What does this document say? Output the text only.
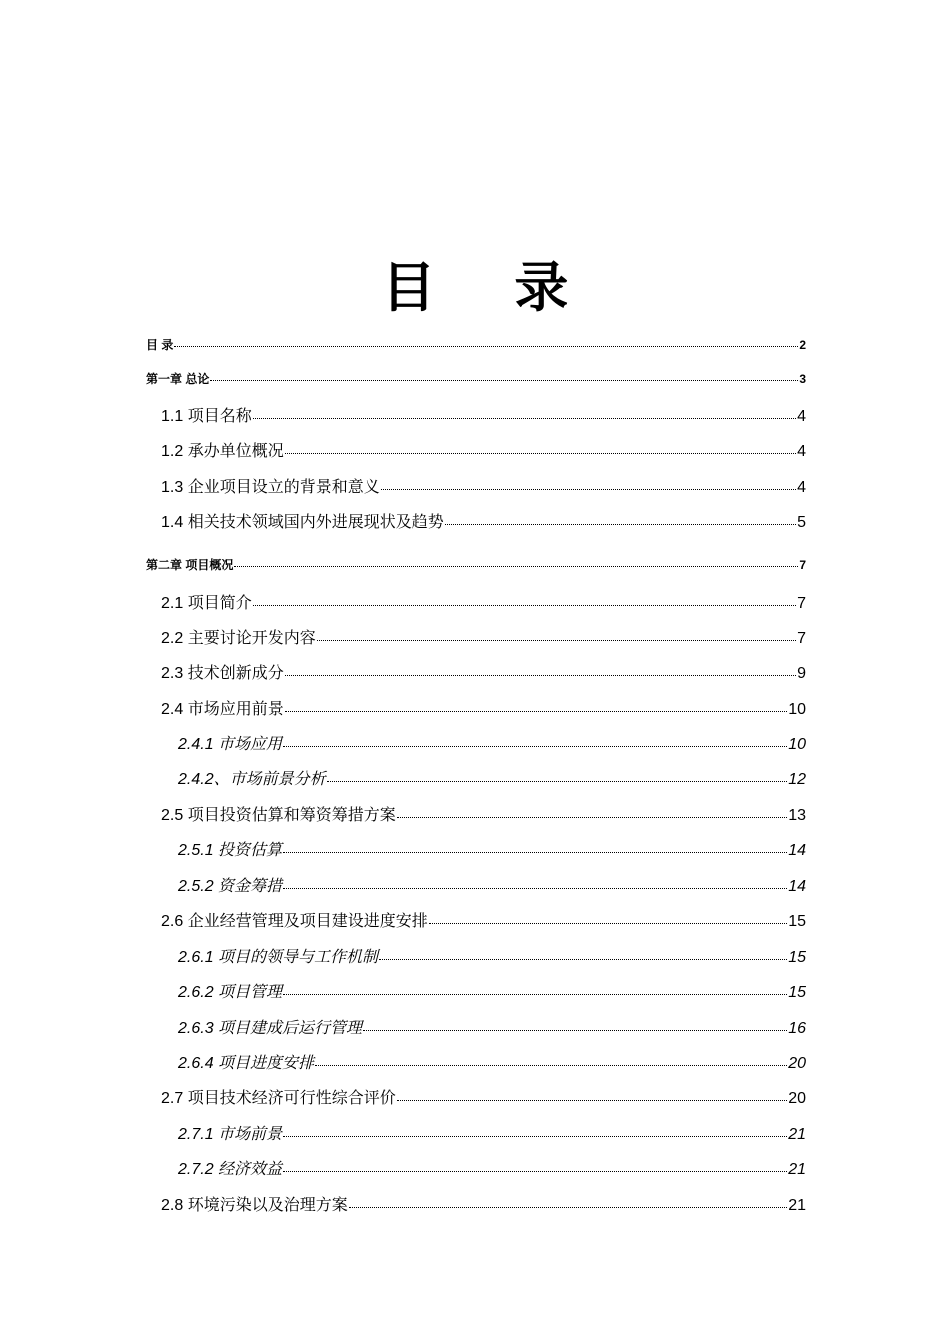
目 录
目 录	2
第一章 总论	3
1.1 项目名称	4
1.2 承办单位概况	4
1.3 企业项目设立的背景和意义	4
1.4 相关技术领域国内外进展现状及趋势	5
第二章 项目概况	7
2.1 项目简介	7
2.2 主要讨论开发内容	7
2.3 技术创新成分	9
2.4 市场应用前景	10
2.4.1 市场应用	10
2.4.2、市场前景分析	12
2.5 项目投资估算和筹资筹措方案	13
2.5.1 投资估算	14
2.5.2 资金筹措	14
2.6 企业经营管理及项目建设进度安排	15
2.6.1 项目的领导与工作机制	15
2.6.2 项目管理	15
2.6.3 项目建成后运行管理	16
2.6.4 项目进度安排	20
2.7 项目技术经济可行性综合评价	20
2.7.1 市场前景	21
2.7.2 经济效益	21
2.8 环境污染以及治理方案	21
